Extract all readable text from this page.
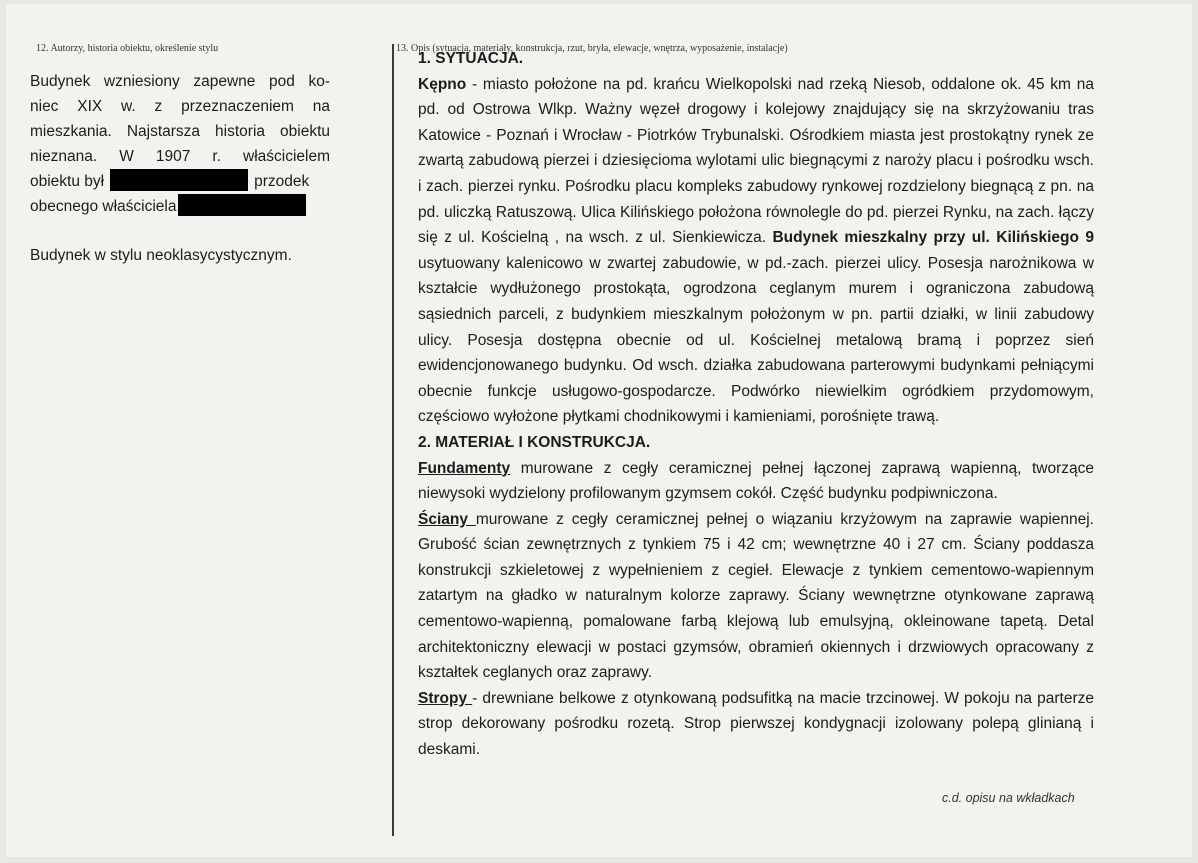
12. Autorzy, historia obiektu, określenie stylu	13. Opis (sytuacja, materiały, konstrukcja, rzut, bryła, elewacje, wnętrza, wyposażenie, instalacje)

Budynek wzniesiony zapewne pod ko-

niec XIX w. z przeznaczeniem na

mieszkania. Najstarsza historia obiektu

nieznana. W 1907 r. właścicielem

obiektu był	przodek

obecnego właściciela

Budynek w stylu neoklasycystycznym.

1. SYTUACJA.

Kępno - miasto położone na pd. krańcu Wielkopolski nad rzeką Niesob, oddalone ok. 45 km na pd. od Ostrowa Wlkp. Ważny węzeł drogowy i kolejowy znajdujący się na skrzyżowaniu tras Katowice - Poznań i Wrocław - Piotrków Trybunalski. Ośrodkiem miasta jest prostokątny rynek ze zwartą zabudową pierzei i dziesięcioma wylotami ulic biegnącymi z naroży placu i pośrodku wsch. i zach. pierzei rynku. Pośrodku placu kompleks zabudowy rynkowej rozdzielony biegnącą z pn. na pd. uliczką Ratuszową. Ulica Kilińskiego położona równolegle do pd. pierzei Rynku, na zach. łączy się z ul. Kościelną , na wsch. z ul. Sienkiewicza. Budynek mieszkalny przy ul. Kilińskiego 9 usytuowany kalenicowo w zwartej zabudowie, w pd.-zach. pierzei ulicy. Posesja narożnikowa w kształcie wydłużonego prostokąta, ogrodzona ceglanym murem i ograniczona zabudową sąsiednich parceli, z budynkiem mieszkalnym położonym w pn. partii działki, w linii zabudowy ulicy. Posesja dostępna obecnie od ul. Kościelnej metalową bramą i poprzez sień ewidencjonowanego budynku. Od wsch. działka zabudowana parterowymi budynkami pełniącymi obecnie funkcje usługowo-gospodarcze. Podwórko niewielkim ogródkiem przydomowym, częściowo wyłożone płytkami chodnikowymi i kamieniami, porośnięte trawą.

2. MATERIAŁ I KONSTRUKCJA.

Fundamenty murowane z cegły ceramicznej pełnej łączonej zaprawą wapienną, tworzące niewysoki wydzielony profilowanym gzymsem cokół. Część budynku podpiwniczona.

Ściany murowane z cegły ceramicznej pełnej o wiązaniu krzyżowym na zaprawie wapiennej. Grubość ścian zewnętrznych z tynkiem 75 i 42 cm; wewnętrzne 40 i 27 cm. Ściany poddasza konstrukcji szkieletowej z wypełnieniem z cegieł. Elewacje z tynkiem cementowo-wapiennym zatartym na gładko w naturalnym kolorze zaprawy. Ściany wewnętrzne otynkowane zaprawą cementowo-wapienną, pomalowane farbą klejową lub emulsyjną, okleinowane tapetą. Detal architektoniczny elewacji w postaci gzymsów, obramień okiennych i drzwiowych opracowany z kształtek ceglanych oraz zaprawy.

Stropy - drewniane belkowe z otynkowaną podsufitką na macie trzcinowej. W pokoju na parterze strop dekorowany pośrodku rozetą. Strop pierwszej kondygnacji izolowany polepą glinianą i deskami.

c.d. opisu na wkładkach
